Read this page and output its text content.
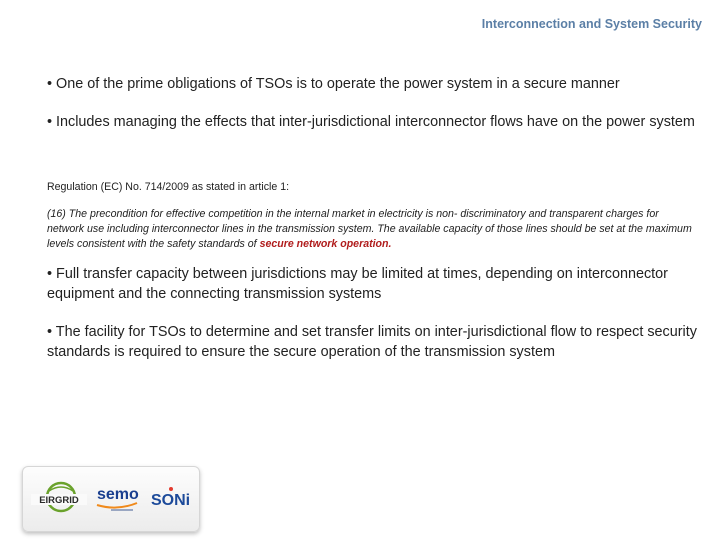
Interconnection and System Security
• One of the prime obligations of TSOs is to operate the power system in a secure manner
• Includes managing the effects that inter-jurisdictional interconnector flows have on the power system
Regulation (EC) No. 714/2009 as stated in article 1:
(16) The precondition for effective competition in the internal market in electricity is non- discriminatory and transparent charges for network use including interconnector lines in the transmission system. The available capacity of those lines should be set at the maximum levels consistent with the safety standards of secure network operation.
• Full transfer capacity between jurisdictions may be limited at times, depending on interconnector equipment and the connecting transmission systems
• The facility for TSOs to determine and set transfer limits on inter-jurisdictional flow to respect security standards is required to ensure the secure operation of the transmission system
EIRGRID semo SONi
